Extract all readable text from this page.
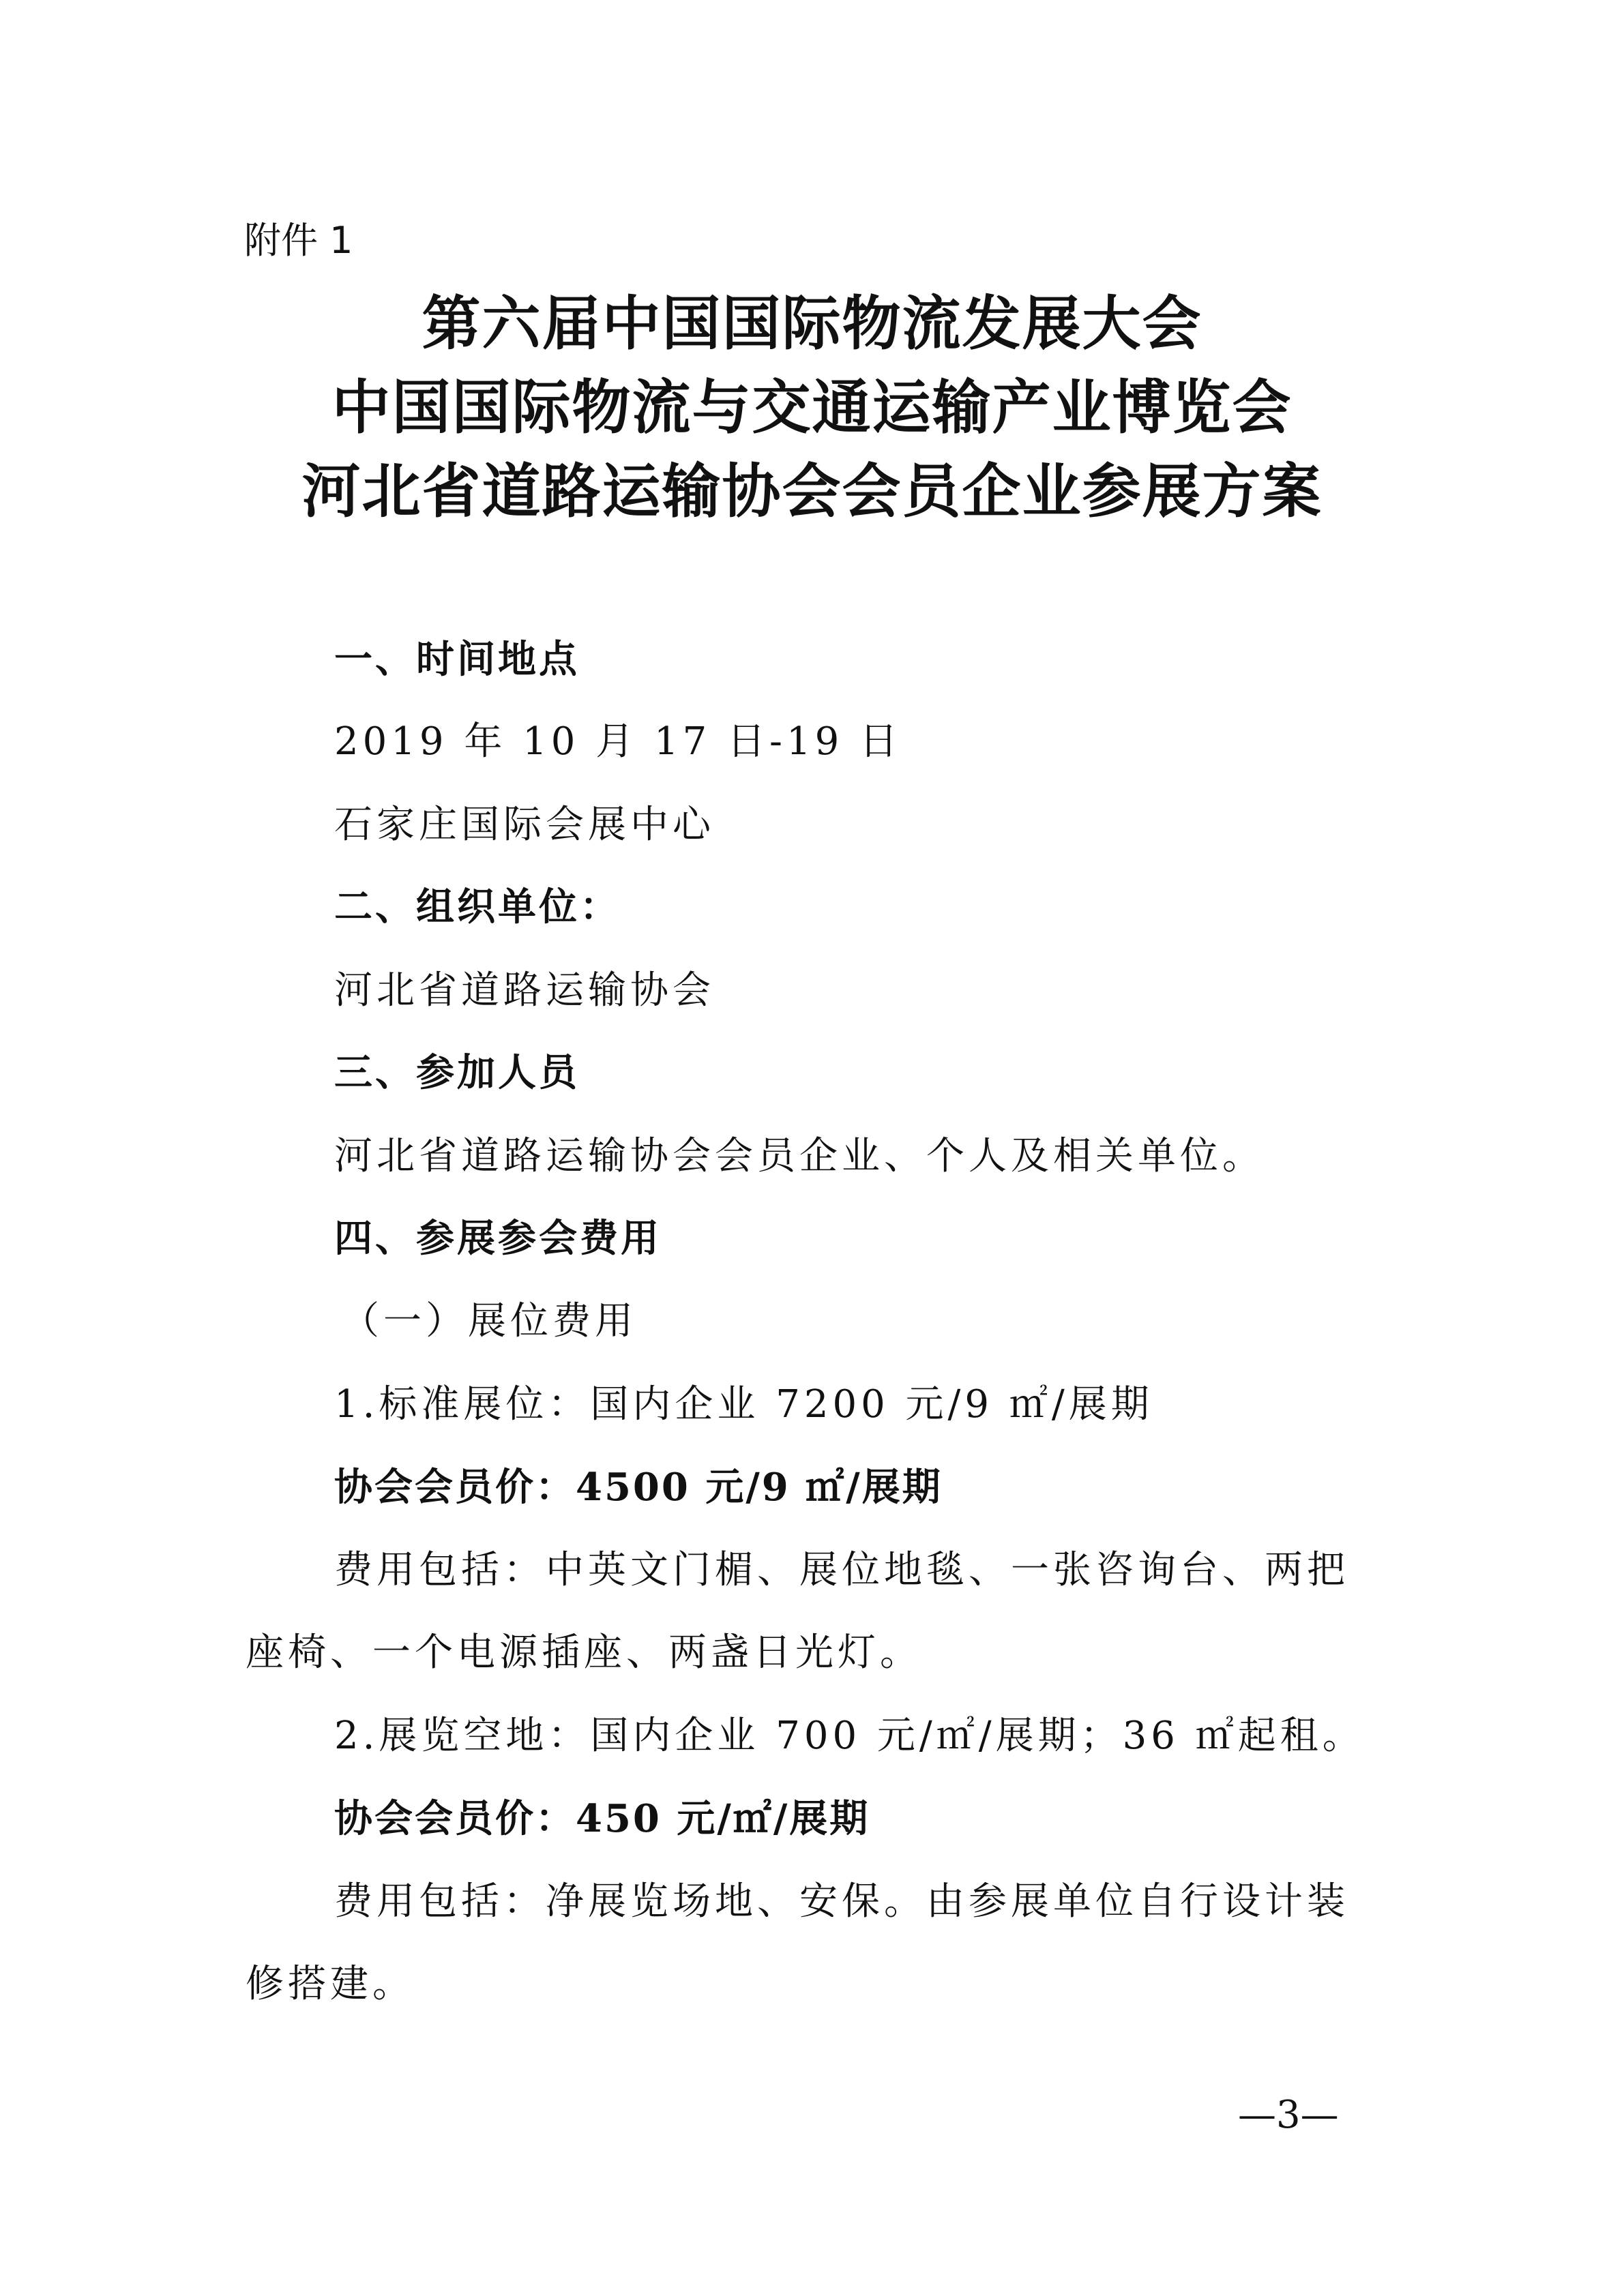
附件 1
第六届中国国际物流发展大会
中国国际物流与交通运输产业博览会
河北省道路运输协会会员企业参展方案
一、时间地点
2019 年 10 月 17 日-19 日
石家庄国际会展中心
二、组织单位：
河北省道路运输协会
三、参加人员
河北省道路运输协会会员企业、个人及相关单位。
四、参展参会费用
（一）展位费用
1.标准展位：国内企业 7200 元/9 ㎡/展期
协会会员价：4500 元/9 ㎡/展期
费用包括：中英文门楣、展位地毯、一张咨询台、两把
座椅、一个电源插座、两盏日光灯。
2.展览空地：国内企业 700 元/㎡/展期；36 ㎡起租。
协会会员价：450 元/㎡/展期
费用包括：净展览场地、安保。由参展单位自行设计装
修搭建。
—3—
